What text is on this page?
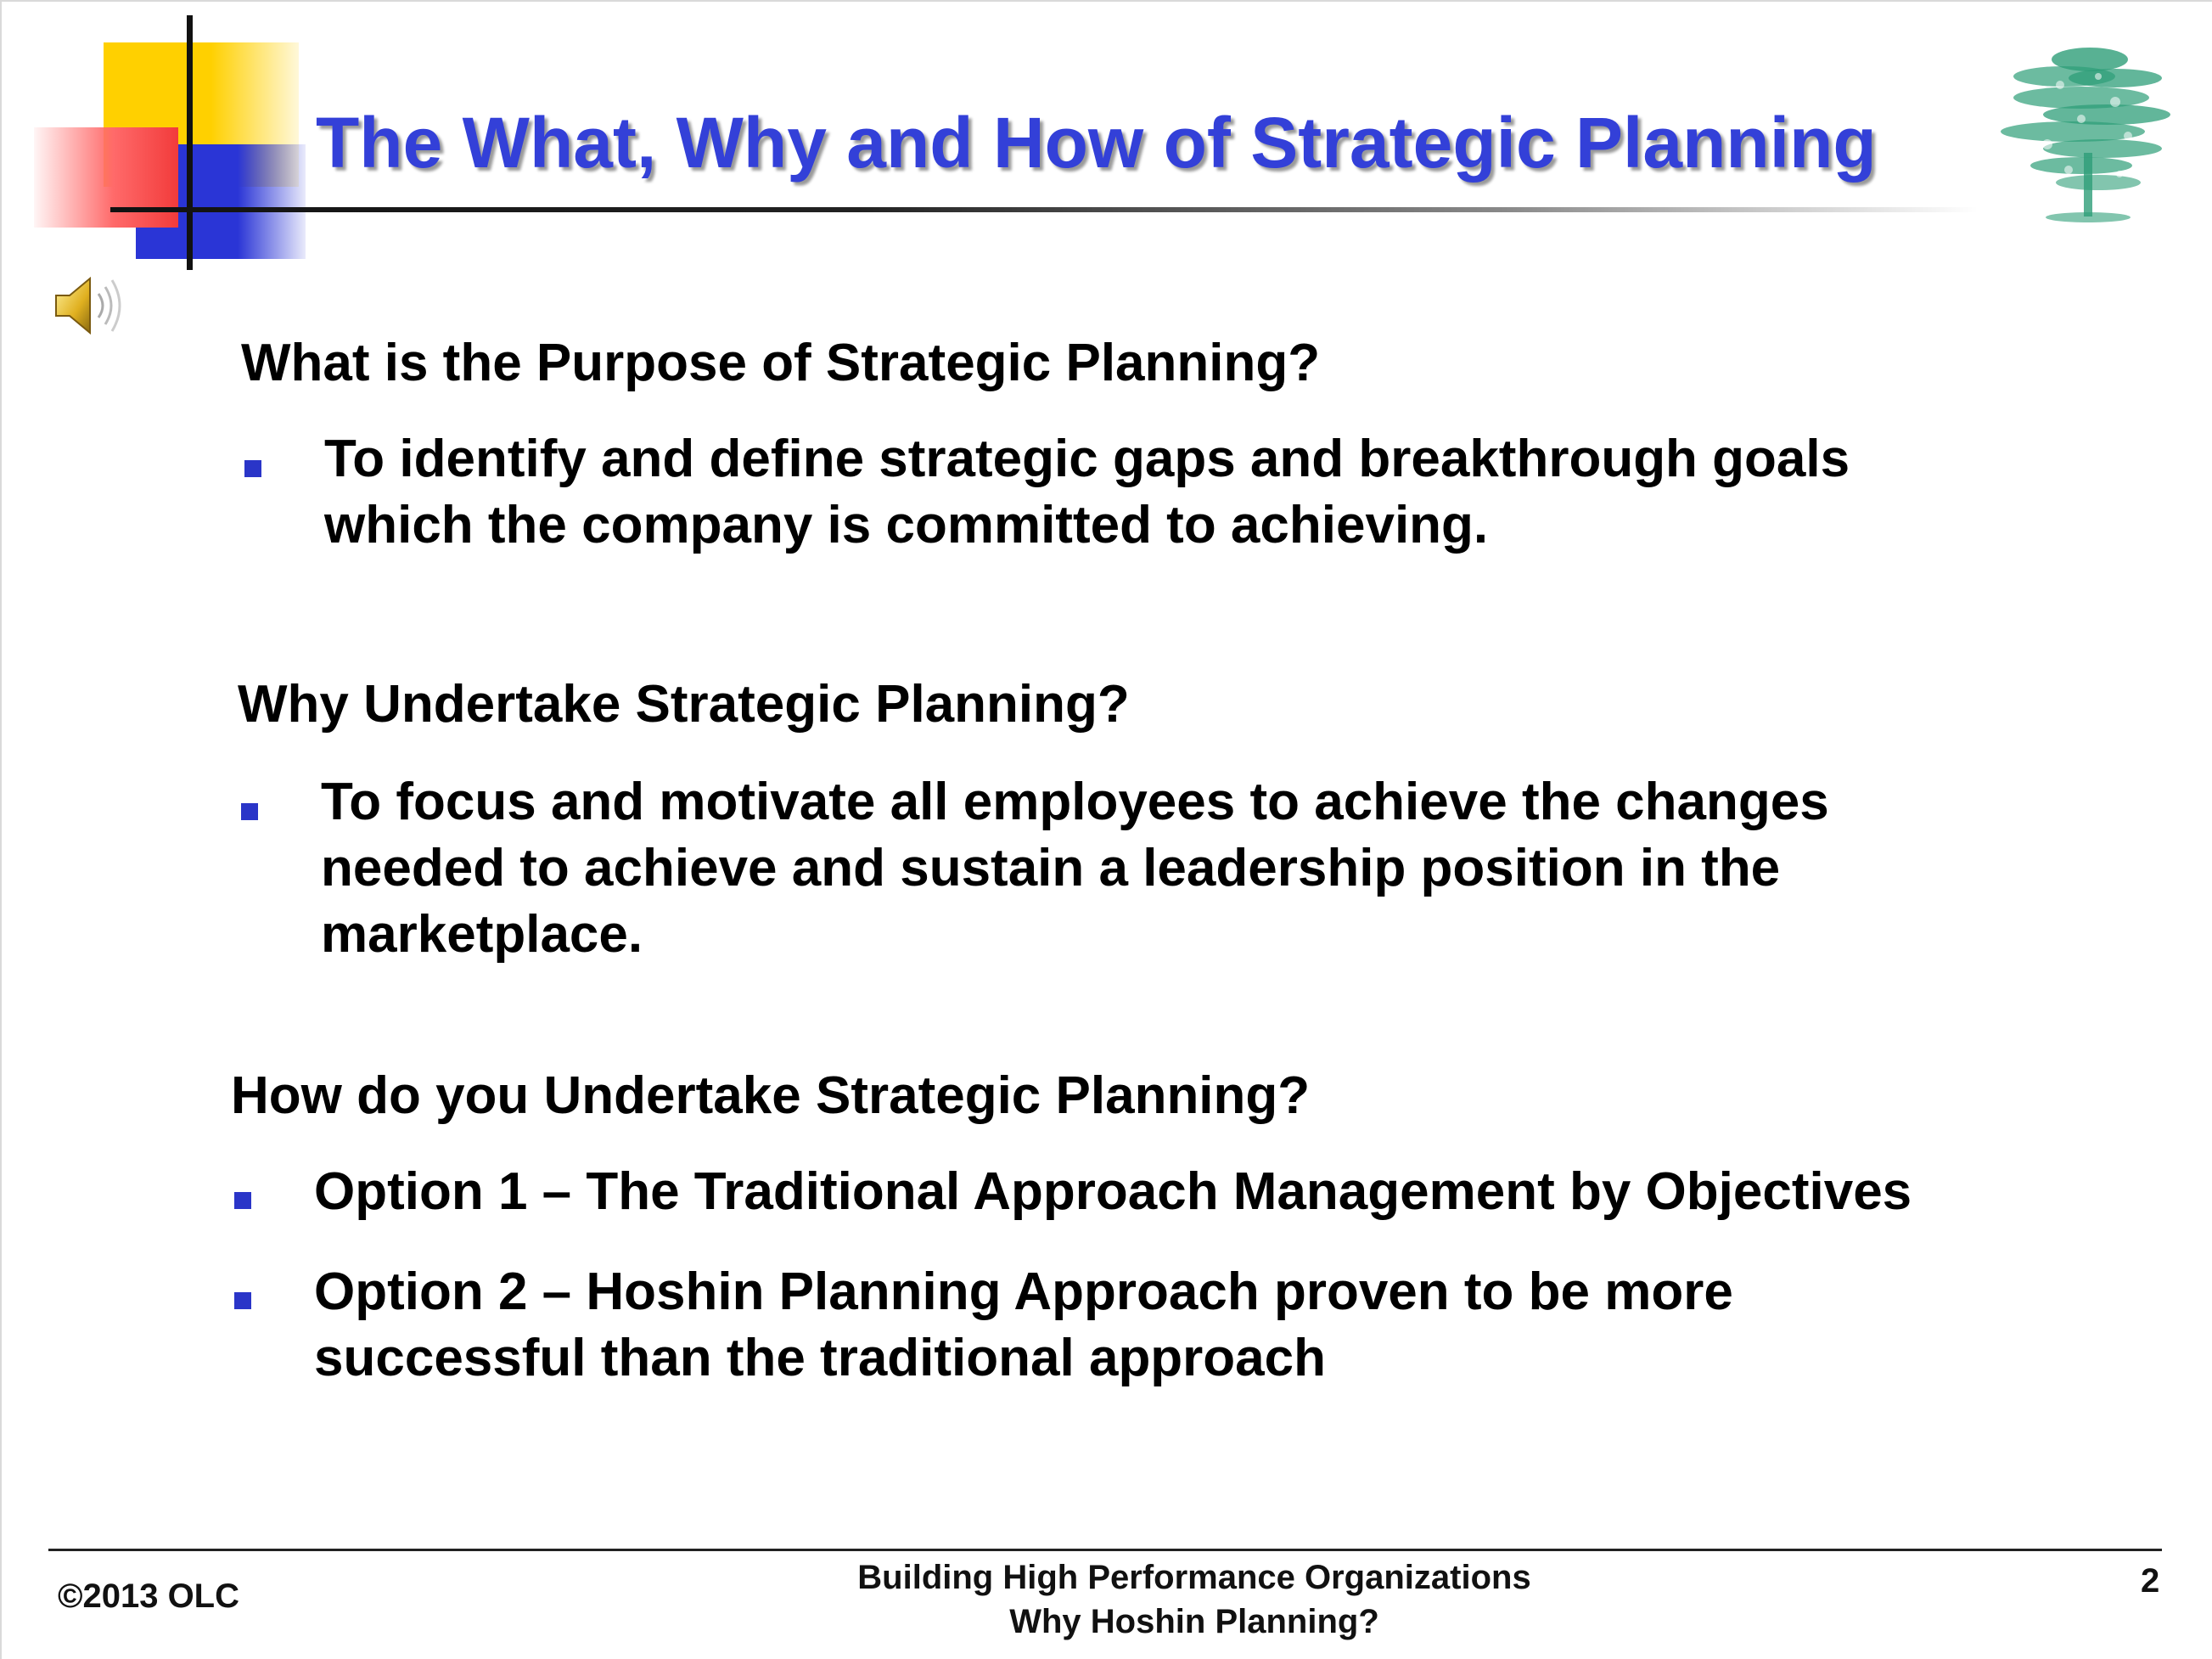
The What, Why and How of Strategic Planning
What is the Purpose of Strategic Planning?
To identify and define strategic gaps and breakthrough goals
which the company is committed to achieving.
Why Undertake Strategic Planning?
To focus and motivate all employees to achieve the changes
needed to achieve and sustain a leadership position in the
marketplace.
How do you Undertake Strategic Planning?
Option 1 – The Traditional Approach Management by Objectives
Option 2 – Hoshin Planning Approach proven to be more
successful than the traditional approach
©2013 OLC	Building High Performance Organizations
Why Hoshin Planning?
2
